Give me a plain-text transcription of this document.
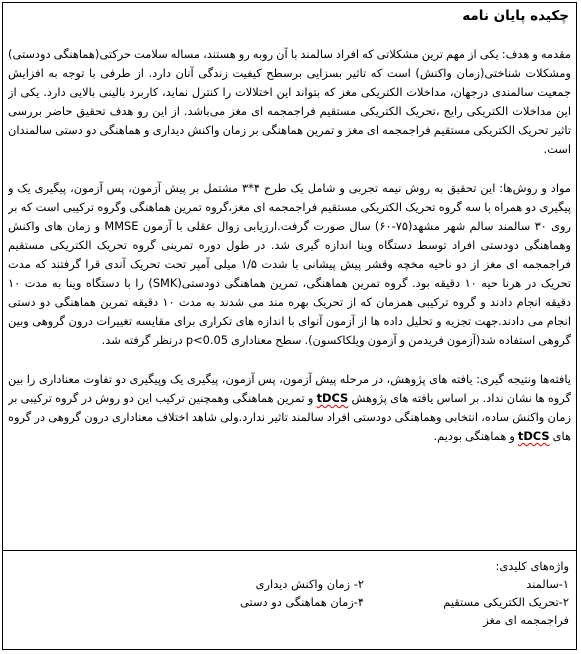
چکیده پایان نامه

مقدمه و هدف: یکی از مهم ترین مشکلاتی که افراد سالمند با آن روبه رو هستند، مساله سلامت حرکتی(هماهنگی دودستی) ومشکلات شناختی(زمان واکنش) است که تاثیر بسزایی برسطح کیفیت زندگی آنان دارد. از طرفی با توجه به افزایش جمعیت سالمندی درجهان، مداخلات الکتریکی مغز که بتواند این اختلالات را کنترل نماید، کاربرد بالینی بالایی دارد. یکی از این مداخلات الکتریکی رایج ،تحریک الکتریکی مستقیم فراجمجمه ای مغز می‌باشد. از این رو هدف تحقیق حاضر بررسی تاثیر تحریک الکتریکی مستقیم فراجمجمه ای مغز و تمرین هماهنگی بر زمان واکنش دیداری و هماهنگی دو دستی سالمندان است.

مواد و روش‌ها: این تحقیق به روش نیمه تجربی و شامل یک طرح ۴*۳ مشتمل بر پیش آزمون، پس آزمون، پیگیری یک و پیگیری دو همراه با سه گروه تحریک الکتریکی مستقیم فراجمجمه ای مغز،گروه تمرین هماهنگی وگروه ترکیبی است که بر روی ۳۰ سالمند سالم شهر مشهد(۷۵-۶۰) سال صورت گرفت.ارزیابی زوال عقلی با آزمون MMSE و زمان های واکنش وهماهنگی دودستی افراد توسط دستگاه وینا اندازه گیری شد. در طول دوره تمرینی گروه تحریک الکتریکی مستقیم فراجمجمه ای مغز از دو ناحیه مخچه وقشر پیش پیشانی با شدت ۱/۵ میلی آمپر تحت تحریک آندی قرا گرفتند که مدت تحریک در هرنا حیه ۱۰ دقیقه بود. گروه تمرین هماهنگی، تمرین هماهنگی دودستی(SMK) را با دستگاه وینا به مدت ۱۰ دقیقه انجام دادند و گروه ترکیبی همزمان که از تحریک بهره مند می شدند به مدت ۱۰ دقیقه تمرین هماهنگی دو دستی انجام می دادند.جهت تجزیه و تحلیل داده ها از آزمون آنوای با اندازه های تکراری برای مقایسه تغییرات درون گروهی وبین گروهی استفاده شد(آزمون فریدمن و آزمون ویلکاکسون). سطح معناداری p<0.05 درنظر گرفته شد.

یافته‌ها ونتیجه گیری: یافته های پژوهش، در مرحله پیش آزمون، پس آزمون، پیگیری یک وپیگیری دو تفاوت معناداری را بین گروه ها نشان نداد. بر اساس یافته های پژوهش tDCS و تمرین هماهنگی وهمچنین ترکیب این دو روش در گروه ترکیبی بر زمان واکنش ساده، انتخابی وهماهنگی دودستی افراد سالمند تاثیر ندارد.ولی شاهد اختلاف معناداری درون گروهی در گروه های tDCS و هماهنگی بودیم.

واژه‌های کلیدی:
۱-سالمند
۲- زمان واکنش دیداری
۲-تحریک الکتریکی مستقیم
۴-زمان هماهنگی دو دستی
فراجمجمه ای مغز
